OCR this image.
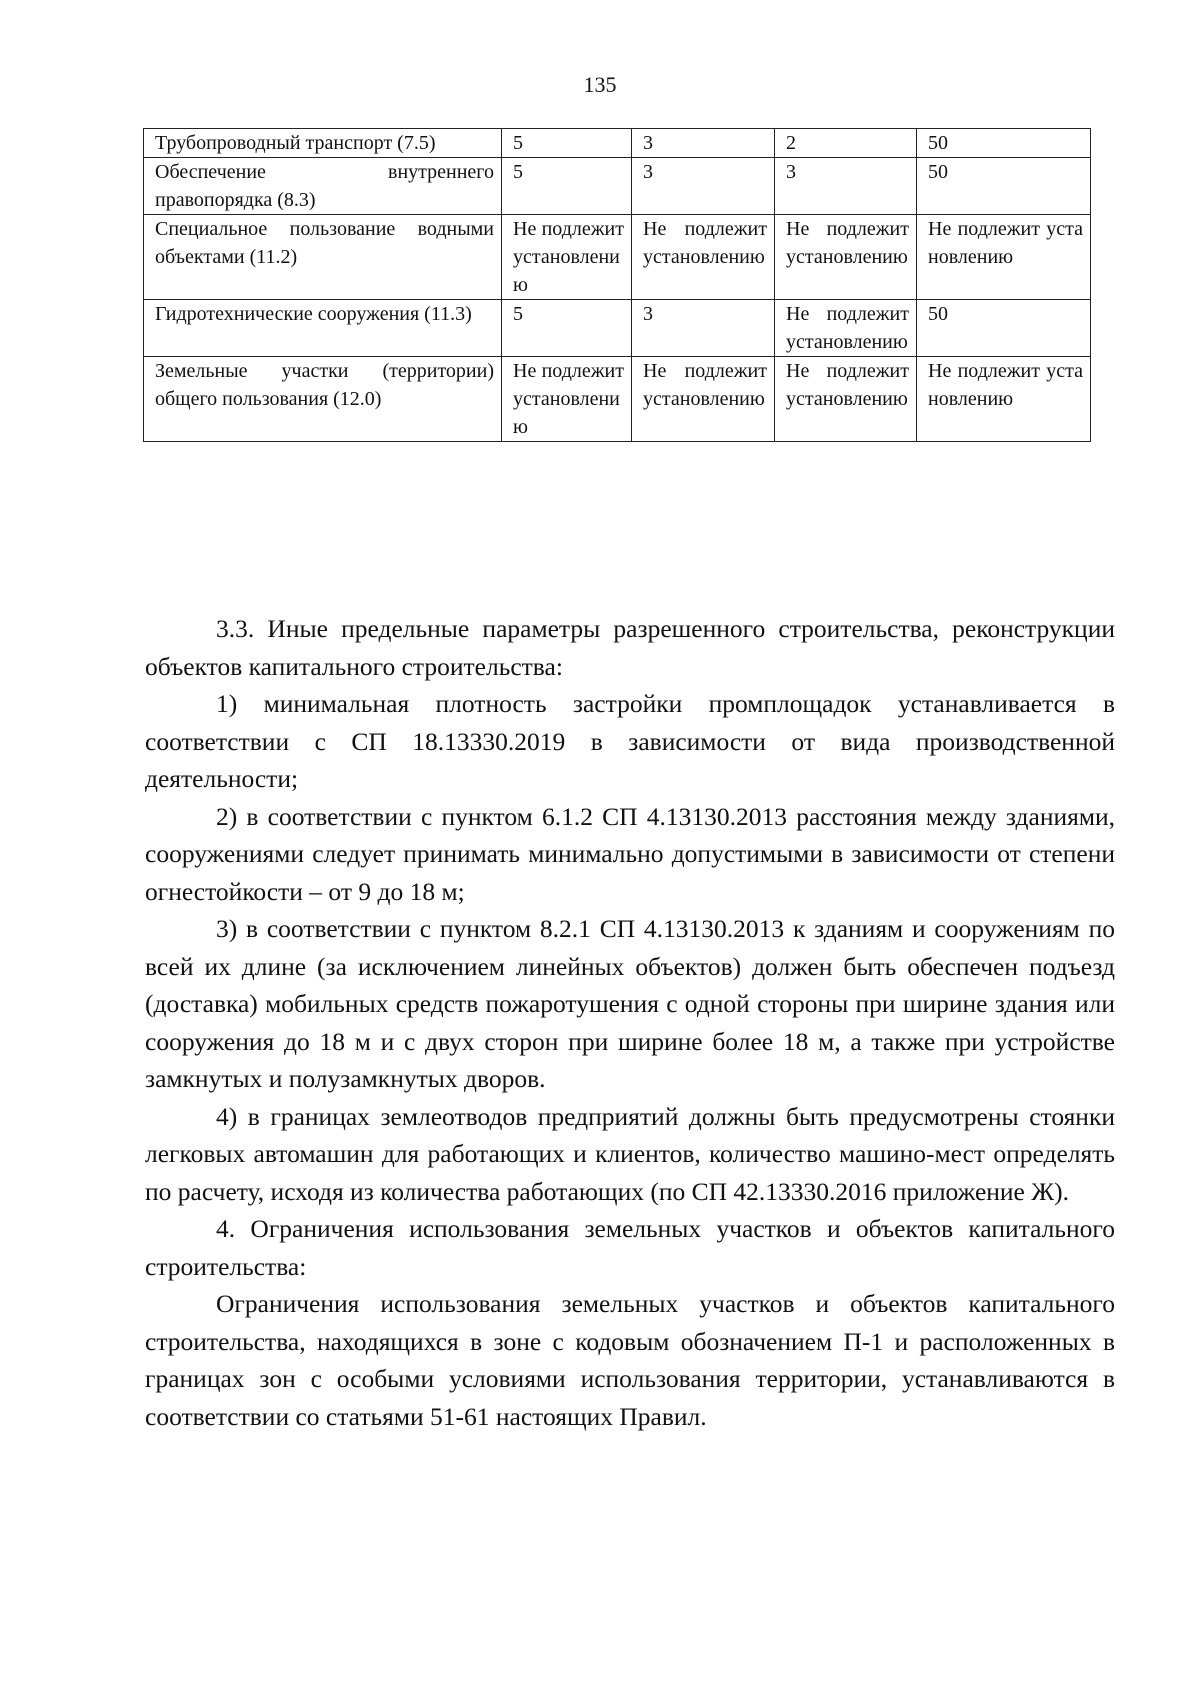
135
Трубопроводный транспорт (7.5)	5	3	2	50
Обеспечение внутреннего правопорядка (8.3)	5	3	3	50
Специальное пользование водными объектами (11.2)	Не подлежит установлению	Не подлежит установлению	Не подлежит установлению	Не подлежит установлению
Гидротехнические сооружения (11.3)	5	3	Не подлежит установлению	50
Земельные участки (территории) общего пользования (12.0)	Не подлежит установлению	Не подлежит установлению	Не подлежит установлению	Не подлежит установлению

3.3. Иные предельные параметры разрешенного строительства, реконструкции объектов капитального строительства:

1) минимальная плотность застройки промплощадок устанавливается в соответствии с СП 18.13330.2019 в зависимости от вида производственной деятельности;

2) в соответствии с пунктом 6.1.2 СП 4.13130.2013 расстояния между зданиями, сооружениями следует принимать минимально допустимыми в зависимости от степени огнестойкости – от 9 до 18 м;

3) в соответствии с пунктом 8.2.1 СП 4.13130.2013 к зданиям и сооружениям по всей их длине (за исключением линейных объектов) должен быть обеспечен подъезд (доставка) мобильных средств пожаротушения с одной стороны при ширине здания или сооружения до 18 м и с двух сторон при ширине более 18 м, а также при устройстве замкнутых и полузамкнутых дворов.

4) в границах землеотводов предприятий должны быть предусмотрены стоянки легковых автомашин для работающих и клиентов, количество машино-мест определять по расчету, исходя из количества работающих (по СП 42.13330.2016 приложение Ж).

4. Ограничения использования земельных участков и объектов капитального строительства:

Ограничения использования земельных участков и объектов капитального строительства, находящихся в зоне с кодовым обозначением П-1 и расположенных в границах зон с особыми условиями использования территории, устанавливаются в соответствии со статьями 51-61 настоящих Правил.
